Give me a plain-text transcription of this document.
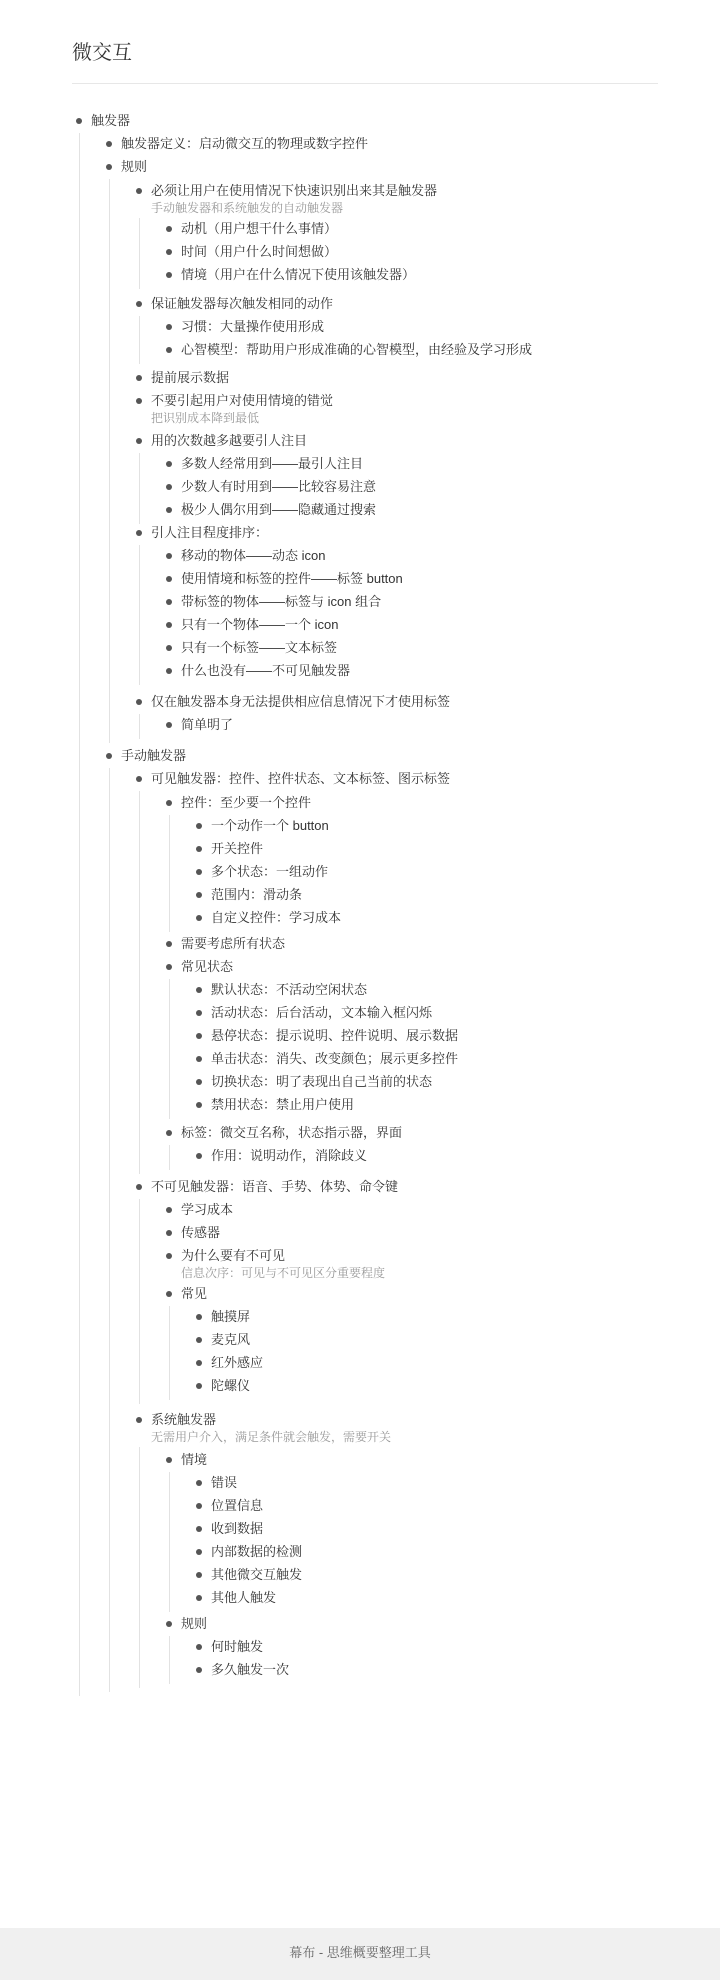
微交互
触发器
触发器定义：启动微交互的物理或数字控件
规则
必须让用户在使用情况下快速识别出来其是触发器
手动触发器和系统触发的自动触发器
动机（用户想干什么事情）
时间（用户什么时间想做）
情境（用户在什么情况下使用该触发器）
保证触发器每次触发相同的动作
习惯：大量操作使用形成
心智模型：帮助用户形成准确的心智模型，由经验及学习形成
提前展示数据
不要引起用户对使用情境的错觉
把识别成本降到最低
用的次数越多越要引人注目
多数人经常用到——最引人注目
少数人有时用到——比较容易注意
极少人偶尔用到——隐藏通过搜索
引人注目程度排序：
移动的物体——动态 icon
使用情境和标签的控件——标签 button
带标签的物体——标签与 icon 组合
只有一个物体——一个 icon
只有一个标签——文本标签
什么也没有——不可见触发器
仅在触发器本身无法提供相应信息情况下才使用标签
简单明了
手动触发器
可见触发器：控件、控件状态、文本标签、图示标签
控件：至少要一个控件
一个动作一个 button
开关控件
多个状态：一组动作
范围内：滑动条
自定义控件：学习成本
需要考虑所有状态
常见状态
默认状态：不活动空闲状态
活动状态：后台活动，文本输入框闪烁
悬停状态：提示说明、控件说明、展示数据
单击状态：消失、改变颜色；展示更多控件
切换状态：明了表现出自己当前的状态
禁用状态：禁止用户使用
标签：微交互名称，状态指示器，界面
作用：说明动作，消除歧义
不可见触发器：语音、手势、体势、命令键
学习成本
传感器
为什么要有不可见
信息次序：可见与不可见区分重要程度
常见
触摸屏
麦克风
红外感应
陀螺仪
系统触发器
无需用户介入，满足条件就会触发，需要开关
情境
错误
位置信息
收到数据
内部数据的检测
其他微交互触发
其他人触发
规则
何时触发
多久触发一次
幕布 - 思维概要整理工具
